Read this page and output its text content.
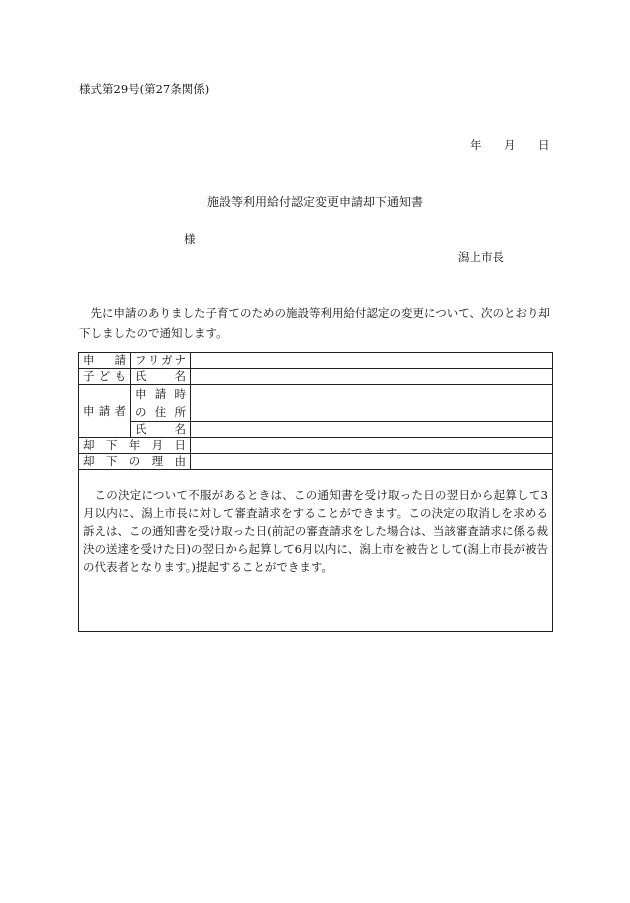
様式第29号(第27条関係)
年 月 日
施設等利用給付認定変更申請却下通知書
様
潟上市長
先に申請のありました子育てのための施設等利用給付認定の変更について、次のとおり却下しましたので通知します。
申 請	フリガナ	
子ども	氏　名	
申請者	申 請 時
の 住 所	

	氏　名	
却 下 年 月 日		
却 下 の 理 由		
この決定について不服があるときは、この通知書を受け取った日の翌日から起算して3月以内に、潟上市長に対して審査請求をすることができます。この決定の取消しを求める訴えは、この通知書を受け取った日(前記の審査請求をした場合は、当該審査請求に係る裁決の送達を受けた日)の翌日から起算して6月以内に、潟上市を被告として(潟上市長が被告の代表者となります。)提起することができます。		
